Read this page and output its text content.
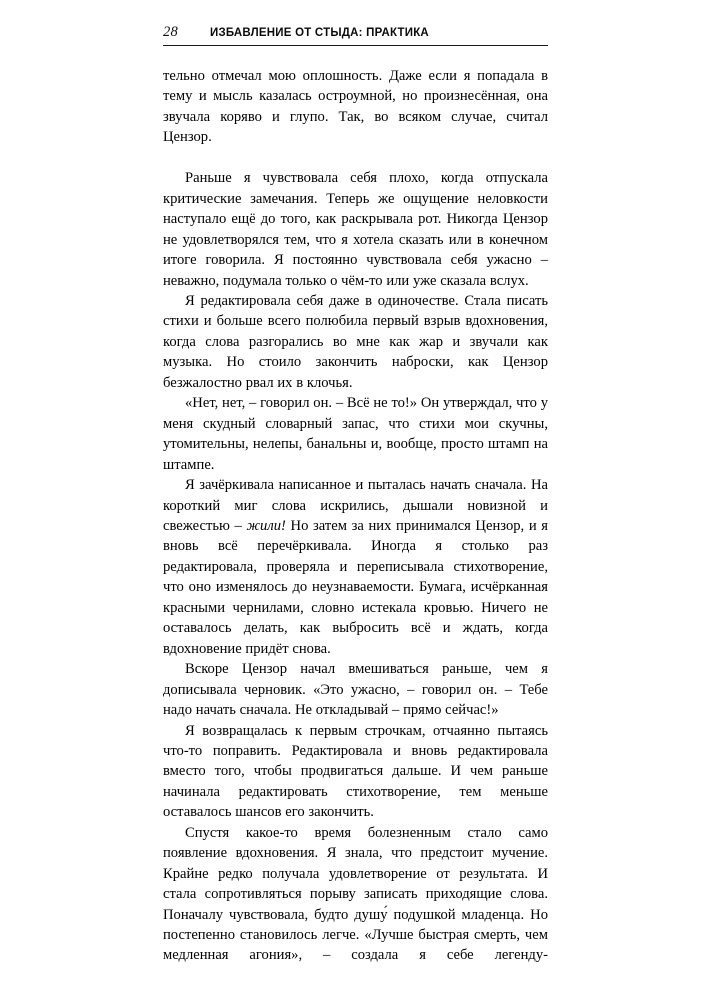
28	ИЗБАВЛЕНИЕ ОТ СТЫДА: ПРАКТИКА

тельно отмечал мою оплошность. Даже если я попадала в тему и мысль казалась остроумной, но произнесённая, она звучала коряво и глупо. Так, во всяком случае, считал Цензор.

Раньше я чувствовала себя плохо, когда отпускала критические замечания. Теперь же ощущение неловкости наступало ещё до того, как раскрывала рот. Никогда Цензор не удовлетворялся тем, что я хотела сказать или в конечном итоге говорила. Я постоянно чувствовала себя ужасно – неважно, подумала только о чём-то или уже сказала вслух.

Я редактировала себя даже в одиночестве. Стала писать стихи и больше всего полюбила первый взрыв вдохновения, когда слова разгорались во мне как жар и звучали как музыка. Но стоило закончить наброски, как Цензор безжалостно рвал их в клочья.

«Нет, нет, – говорил он. – Всё не то!» Он утверждал, что у меня скудный словарный запас, что стихи мои скучны, утомительны, нелепы, банальны и, вообще, просто штамп на штампе.

Я зачёркивала написанное и пыталась начать сначала. На короткий миг слова искрились, дышали новизной и свежестью – жили! Но затем за них принимался Цензор, и я вновь всё перечёркивала. Иногда я столько раз редактировала, проверяла и переписывала стихотворение, что оно изменялось до неузнаваемости. Бумага, исчёрканная красными чернилами, словно истекала кровью. Ничего не оставалось делать, как выбросить всё и ждать, когда вдохновение придёт снова.

Вскоре Цензор начал вмешиваться раньше, чем я дописывала черновик. «Это ужасно, – говорил он. – Тебе надо начать сначала. Не откладывай – прямо сейчас!»

Я возвращалась к первым строчкам, отчаянно пытаясь что-то поправить. Редактировала и вновь редактировала вместо того, чтобы продвигаться дальше. И чем раньше начинала редактировать стихотворение, тем меньше оставалось шансов его закончить.

Спустя какое-то время болезненным стало само появление вдохновения. Я знала, что предстоит мучение. Крайне редко получала удовлетворение от результата. И стала сопротивляться порыву записать приходящие слова. Поначалу чувствовала, будто душу́ подушкой младенца. Но постепенно становилось легче. «Лучше быстрая смерть, чем медленная агония», – создала я себе легенду-
